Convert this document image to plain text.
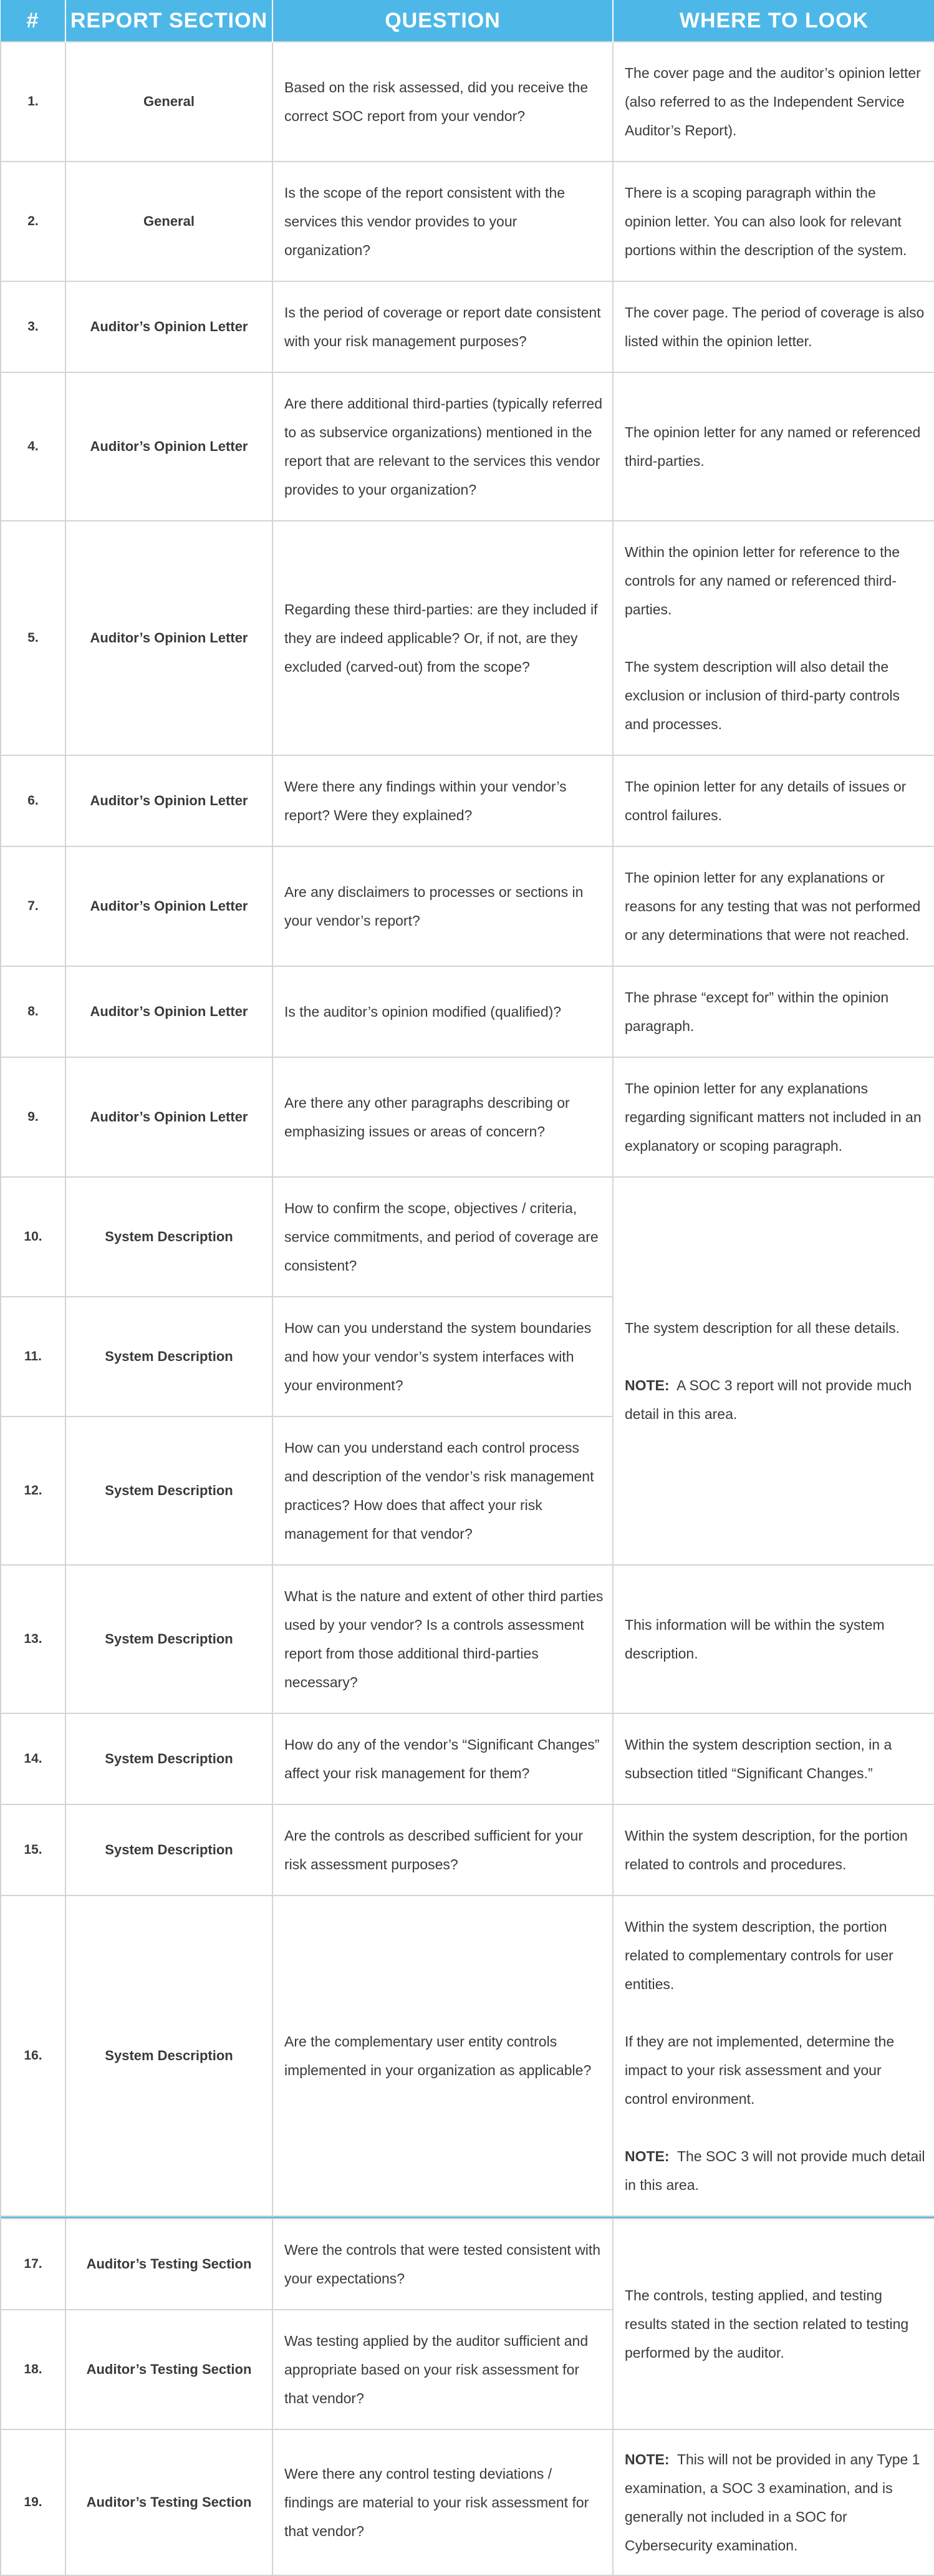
#	REPORT SECTION	QUESTION	WHERE TO LOOK
1.	General	Based on the risk assessed, did you receive the correct SOC report from your vendor?	The cover page and the auditor’s opinion letter (also referred to as the Independent Service Auditor’s Report).
2.	General	Is the scope of the report consistent with the services this vendor provides to your organization?	There is a scoping paragraph within the opinion letter. You can also look for relevant portions within the description of the system.
3.	Auditor’s Opinion Letter	Is the period of coverage or report date consistent with your risk management purposes?	The cover page. The period of coverage is also listed within the opinion letter.
4.	Auditor’s Opinion Letter	Are there additional third-parties (typically referred to as subservice organizations) mentioned in the report that are relevant to the services this vendor provides to your organization?	The opinion letter for any named or referenced third-parties.
5.	Auditor’s Opinion Letter	Regarding these third-parties: are they included if they are indeed applicable? Or, if not, are they excluded (carved-out) from the scope?	Within the opinion letter for reference to the controls for any named or referenced third-parties.
The system description will also detail the exclusion or inclusion of third-party controls and processes.

6.	Auditor’s Opinion Letter	Were there any findings within your vendor’s report? Were they explained?	The opinion letter for any details of issues or control failures.
7.	Auditor’s Opinion Letter	Are any disclaimers to processes or sections in your vendor’s report?	The opinion letter for any explanations or reasons for any testing that was not performed or any determinations that were not reached.
8.	Auditor’s Opinion Letter	Is the auditor’s opinion modified (qualified)?	The phrase “except for” within the opinion paragraph.
9.	Auditor’s Opinion Letter	Are there any other paragraphs describing or emphasizing issues or areas of concern?	The opinion letter for any explanations regarding significant matters not included in an explanatory or scoping paragraph.
10.	System Description	How to confirm the scope, objectives / criteria, service commitments, and period of coverage are consistent?	The system description for all these details.
NOTE: A SOC 3 report will not provide much detail in this area.

11.	System Description	How can you understand the system boundaries and how your vendor’s system interfaces with your environment?	
12.	System Description	How can you understand each control process and description of the vendor’s risk management practices? How does that affect your risk management for that vendor?	
13.	System Description	What is the nature and extent of other third parties used by your vendor? Is a controls assessment report from those additional third-parties necessary?	This information will be within the system description.
14.	System Description	How do any of the vendor’s “Significant Changes” affect your risk management for them?	Within the system description section, in a subsection titled “Significant Changes.”
15.	System Description	Are the controls as described sufficient for your risk assessment purposes?	Within the system description, for the portion related to controls and procedures.
16.	System Description	Are the complementary user entity controls implemented in your organization as applicable?	Within the system description, the portion related to complementary controls for user entities.
If they are not implemented, determine the impact to your risk assessment and your control environment.
NOTE: The SOC 3 will not provide much detail in this area.

17.	Auditor’s Testing Section	Were the controls that were tested consistent with your expectations?	The controls, testing applied, and testing results stated in the section related to testing performed by the auditor.
18.	Auditor’s Testing Section	Was testing applied by the auditor sufficient and appropriate based on your risk assessment for that vendor?	
19.	Auditor’s Testing Section	Were there any control testing deviations / findings are material to your risk assessment for that vendor?	NOTE: This will not be provided in any Type 1 examination, a SOC 3 examination, and is generally not included in a SOC for Cybersecurity examination.
